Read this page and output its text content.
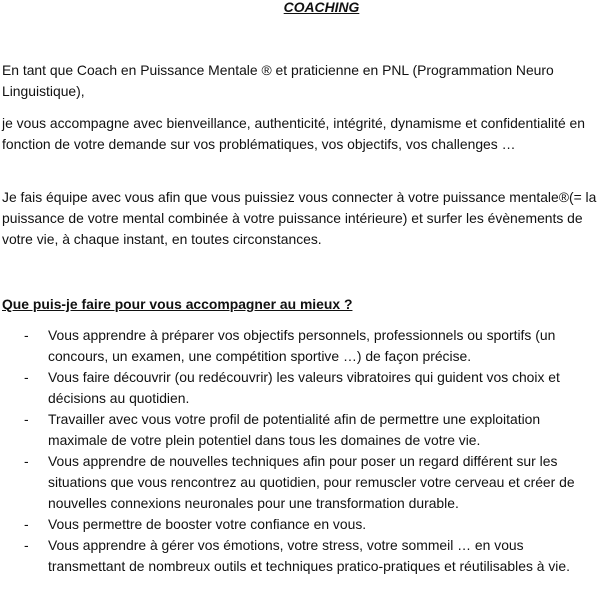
COACHING

En tant que Coach en Puissance Mentale ® et praticienne en PNL (Programmation Neuro Linguistique),

je vous accompagne avec bienveillance, authenticité, intégrité, dynamisme et confidentialité en fonction de votre demande sur vos problématiques, vos objectifs, vos challenges …

Je fais équipe avec vous afin que vous puissiez vous connecter à votre puissance mentale®(= la puissance de votre mental combinée à votre puissance intérieure) et surfer les évènements de votre vie, à chaque instant, en toutes circonstances.

Que puis-je faire pour vous accompagner au mieux ?

- Vous apprendre à préparer vos objectifs personnels, professionnels ou sportifs (un concours, un examen, une compétition sportive …) de façon précise.
- Vous faire découvrir (ou redécouvrir) les valeurs vibratoires qui guident vos choix et décisions au quotidien.
- Travailler avec vous votre profil de potentialité afin de permettre une exploitation maximale de votre plein potentiel dans tous les domaines de votre vie.
- Vous apprendre de nouvelles techniques afin pour poser un regard différent sur les situations que vous rencontrez au quotidien, pour remuscler votre cerveau et créer de nouvelles connexions neuronales pour une transformation durable.
- Vous permettre de booster votre confiance en vous.
- Vous apprendre à gérer vos émotions, votre stress, votre sommeil … en vous transmettant de nombreux outils et techniques pratico-pratiques et réutilisables à vie.
